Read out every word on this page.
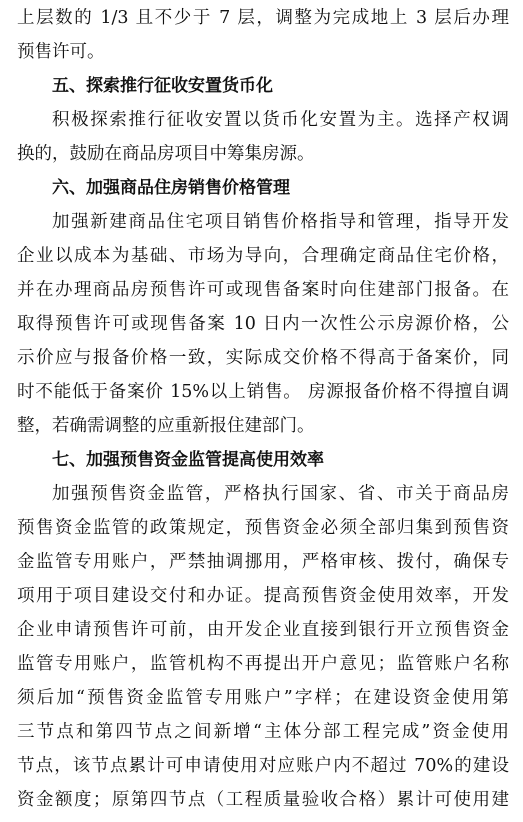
上层数的 1/3 且不少于 7 层，调整为完成地上 3 层后办理
预售许可。
五、探索推行征收安置货币化
积极探索推行征收安置以货币化安置为主。选择产权调
换的，鼓励在商品房项目中筹集房源。
六、加强商品住房销售价格管理
加强新建商品住宅项目销售价格指导和管理，指导开发
企业以成本为基础、市场为导向，合理确定商品住宅价格，
并在办理商品房预售许可或现售备案时向住建部门报备。在
取得预售许可或现售备案 10 日内一次性公示房源价格，公
示价应与报备价格一致，实际成交价格不得高于备案价，同
时不能低于备案价 15%以上销售。 房源报备价格不得擅自调
整，若确需调整的应重新报住建部门。
七、加强预售资金监管提高使用效率
加强预售资金监管，严格执行国家、省、市关于商品房
预售资金监管的政策规定，预售资金必须全部归集到预售资
金监管专用账户，严禁抽调挪用，严格审核、拨付，确保专
项用于项目建设交付和办证。提高预售资金使用效率，开发
企业申请预售许可前，由开发企业直接到银行开立预售资金
监管专用账户，监管机构不再提出开户意见；监管账户名称
须后加“预售资金监管专用账户”字样；在建设资金使用第
三节点和第四节点之间新增“主体分部工程完成”资金使用
节点，该节点累计可申请使用对应账户内不超过 70%的建设
资金额度；原第四节点（工程质量验收合格）累计可使用建
